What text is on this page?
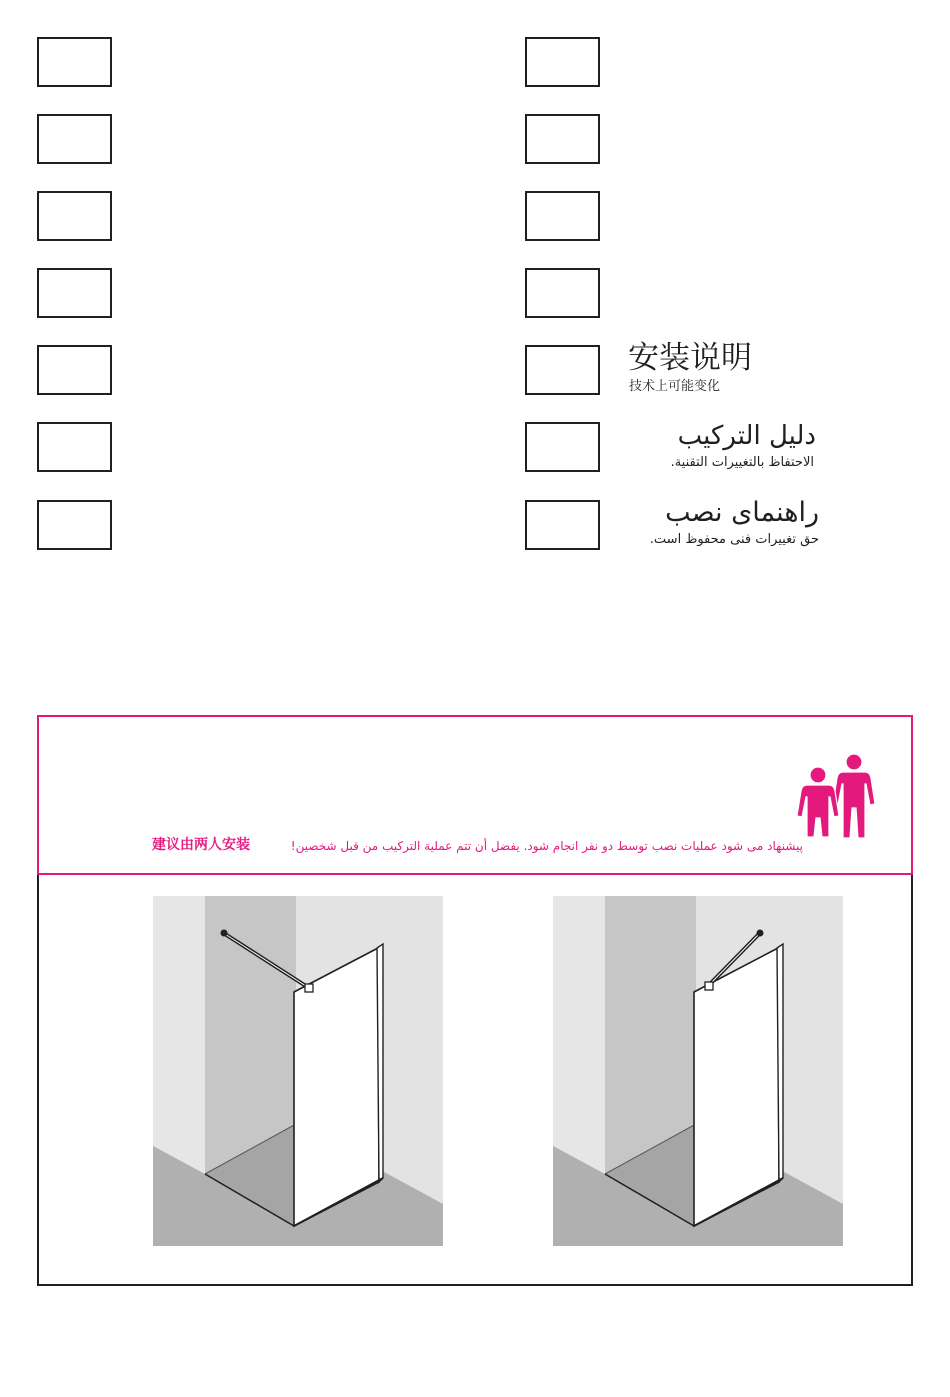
安装说明
技术上可能变化
دليل التركيب
الاحتفاظ بالتغييرات التقنية.
راهنمای نصب
حق تغییرات فنی محفوظ است.
建议由两人安装	پیشنهاد می شود عملیات نصب توسط دو نفر انجام شود. يفضل أن تتم عملية التركيب من قبل شخصين!
